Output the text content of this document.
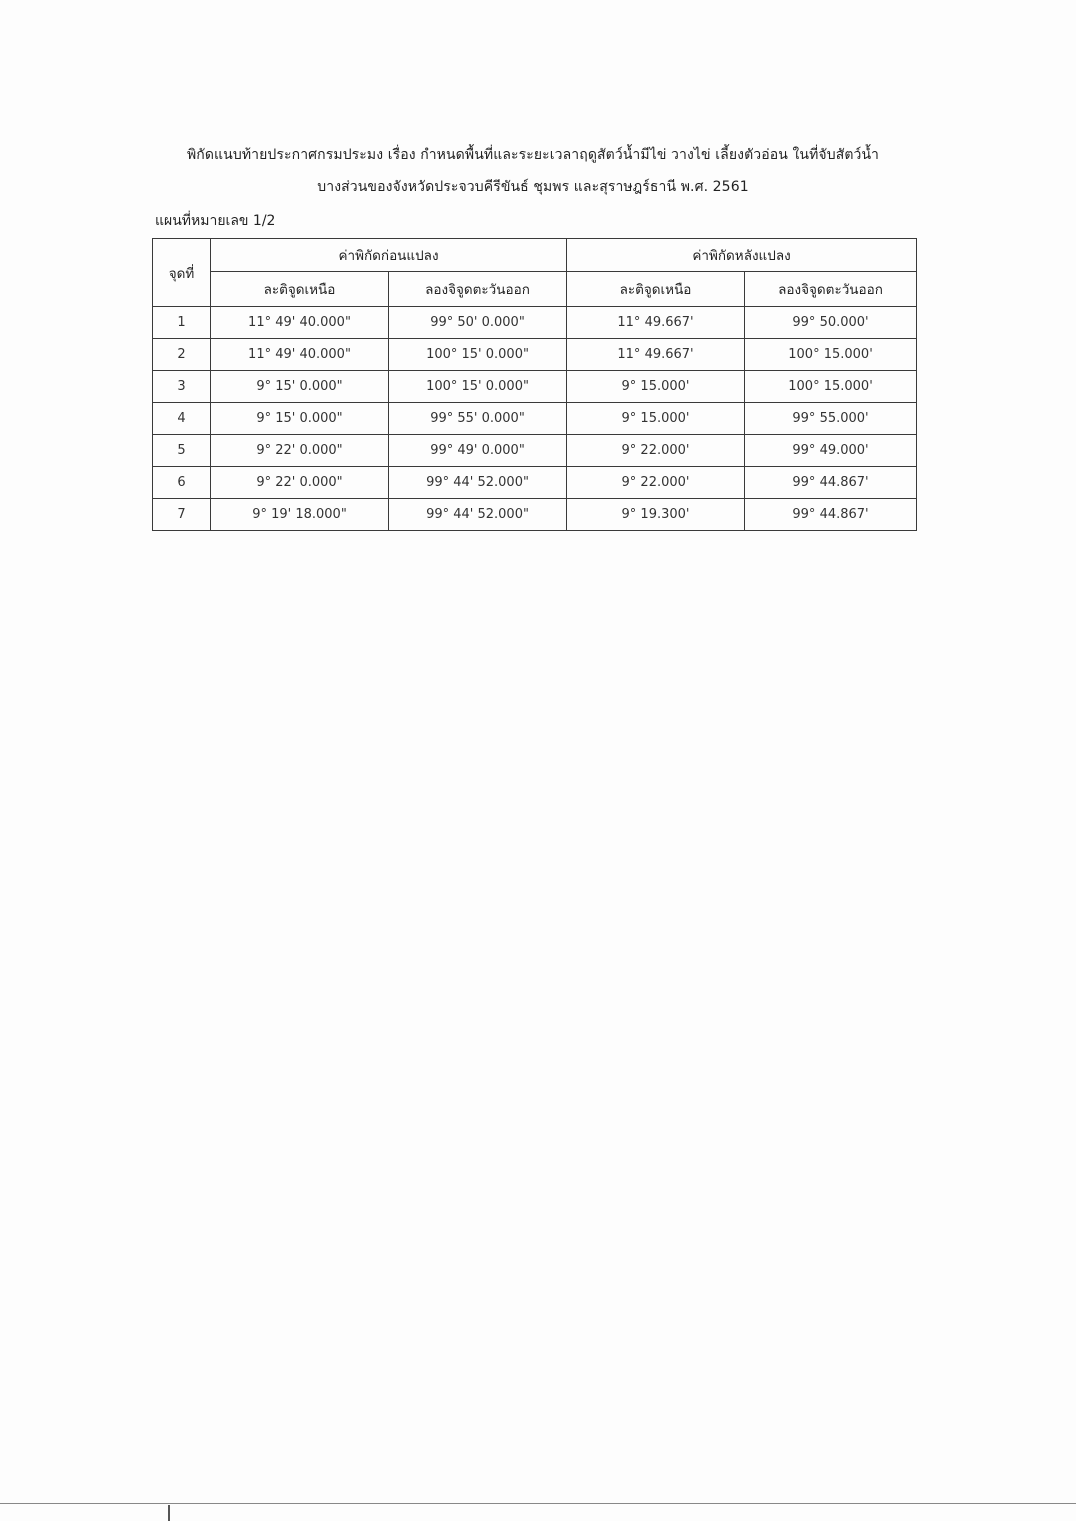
พิกัดแนบท้ายประกาศกรมประมง เรื่อง กำหนดพื้นที่และระยะเวลาฤดูสัตว์น้ำมีไข่ วางไข่ เลี้ยงตัวอ่อน ในที่จับสัตว์น้ำ
บางส่วนของจังหวัดประจวบคีรีขันธ์ ชุมพร และสุราษฎร์ธานี พ.ศ. 2561
แผนที่หมายเลข 1/2
จุดที่	ค่าพิกัดก่อนแปลง		ค่าพิกัดหลังแปลง	
	ละติจูดเหนือ	ลองจิจูดตะวันออก	ละติจูดเหนือ	ลองจิจูดตะวันออก
1	11° 49' 40.000"	99° 50' 0.000"	11° 49.667'	99° 50.000'
2	11° 49' 40.000"	100° 15' 0.000"	11° 49.667'	100° 15.000'
3	9° 15' 0.000"	100° 15' 0.000"	9° 15.000'	100° 15.000'
4	9° 15' 0.000"	99° 55' 0.000"	9° 15.000'	99° 55.000'
5	9° 22' 0.000"	99° 49' 0.000"	9° 22.000'	99° 49.000'
6	9° 22' 0.000"	99° 44' 52.000"	9° 22.000'	99° 44.867'
7	9° 19' 18.000"	99° 44' 52.000"	9° 19.300'	99° 44.867'
